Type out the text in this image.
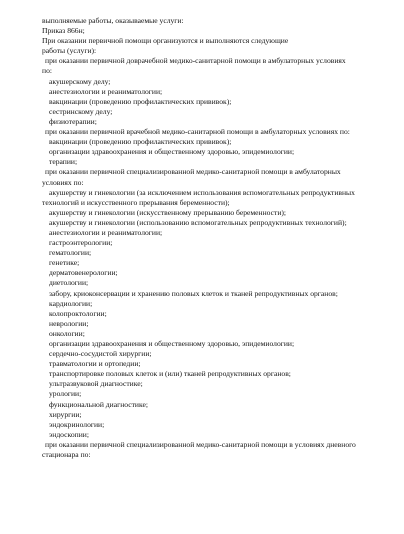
выполняемые работы, оказываемые услуги:
Приказ 866н;
При оказании первичной помощи организуются и выполняются следующие
работы (услуги):
при оказании первичной доврачебной медико-санитарной помощи в амбулаторных условиях
по:
акушерскому делу;
анестезиологии и реаниматологии;
вакцинации (проведению профилактических прививок);
сестринскому делу;
физиотерапии;
при оказании первичной врачебной медико-санитарной помощи в амбулаторных условиях по:
вакцинации (проведению профилактических прививок);
организации здравоохранения и общественному здоровью, эпидемиологии;
терапии;
при оказании первичной специализированной медико-санитарной помощи в амбулаторных
условиях по:
акушерству и гинекологии (за исключением использования вспомогательных репродуктивных
технологий и искусственного прерывания беременности);
акушерству и гинекологии (искусственному прерыванию беременности);
акушерству и гинекологии (использованию вспомогательных репродуктивных технологий);
анестезиологии и реаниматологии;
гастроэнтерологии;
гематологии;
генетике;
дерматовенерологии;
диетологии;
забору, криоконсервации и хранению половых клеток и тканей репродуктивных органов;
кардиологии;
колопроктологии;
неврологии;
онкологии;
организации здравоохранения и общественному здоровью, эпидемиологии;
сердечно-сосудистой хирургии;
травматологии и ортопедии;
транспортировке половых клеток и (или) тканей репродуктивных органов;
ультразвуковой диагностике;
урологии;
функциональной диагностике;
хирургии;
эндокринологии;
эндоскопии;
при оказании первичной специализированной медико-санитарной помощи в условиях дневного
стационара по:
